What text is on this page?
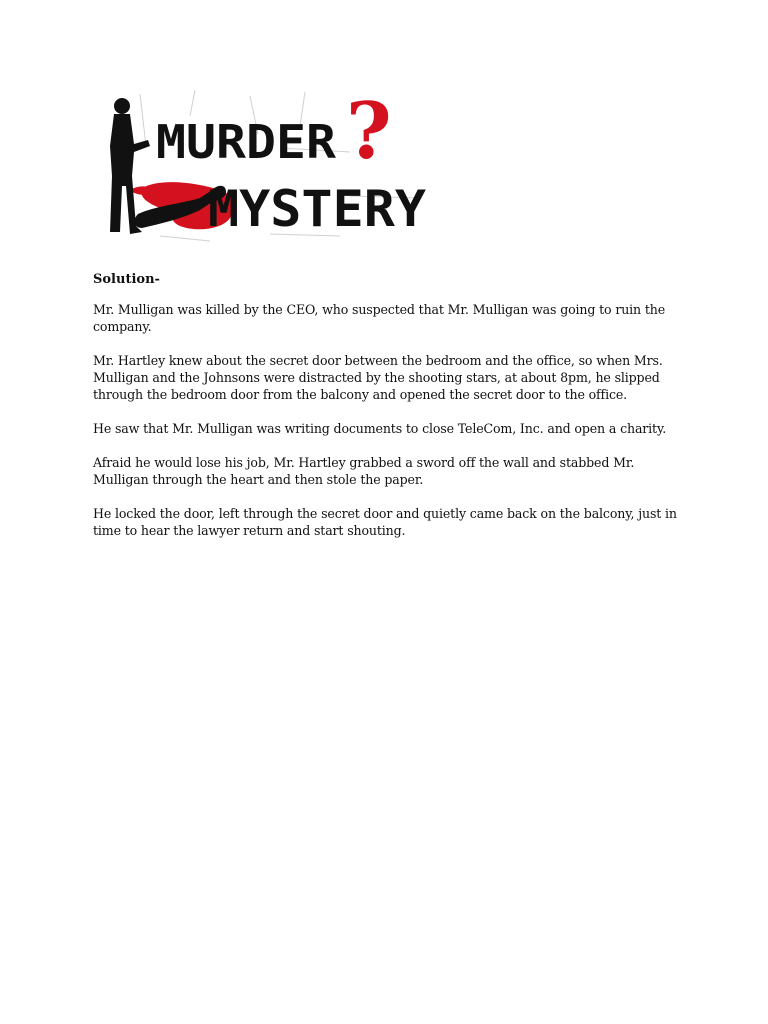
?
MURDER
MYSTERY
Solution-

Mr. Mulligan was killed by the CEO, who suspected that Mr. Mulligan was going to ruin the company.

Mr. Hartley knew about the secret door between the bedroom and the office, so when Mrs. Mulligan and the Johnsons were distracted by the shooting stars, at about 8pm, he slipped through the bedroom door from the balcony and opened the secret door to the office.

He saw that Mr. Mulligan was writing documents to close TeleCom, Inc. and open a charity.

Afraid he would lose his job, Mr. Hartley grabbed a sword off the wall and stabbed Mr. Mulligan through the heart and then stole the paper.

He locked the door, left through the secret door and quietly came back on the balcony, just in time to hear the lawyer return and start shouting.
